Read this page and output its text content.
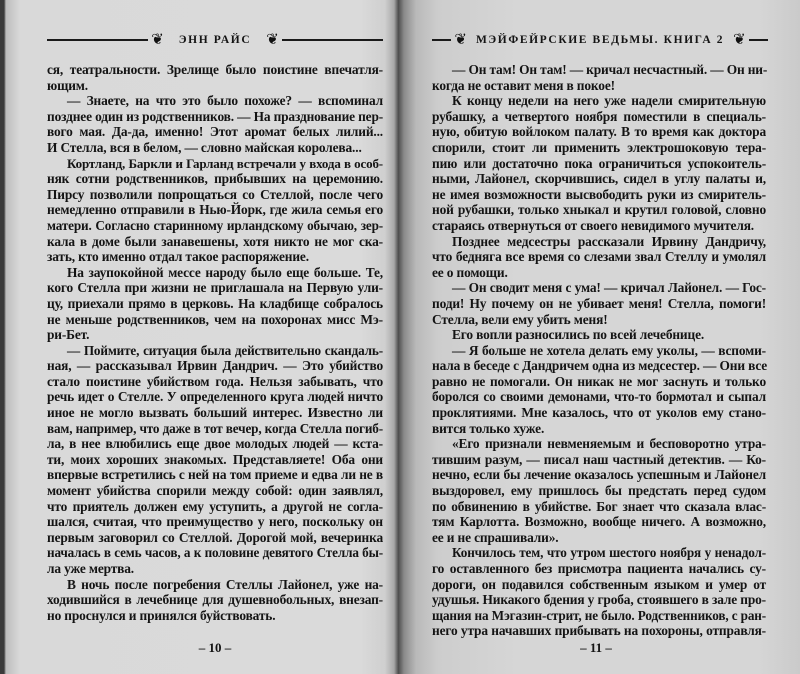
❦ ЭНН РАЙС ❦
ся, театральности. Зрелище было поистине впечатля-
ющим.
— Знаете, на что это было похоже? — вспоминал
позднее один из родственников. — На празднование пер-
вого мая. Да-да, именно! Этот аромат белых лилий...
И Стелла, вся в белом, — словно майская королева...
Кортланд, Баркли и Гарланд встречали у входа в особ-
няк сотни родственников, прибывших на церемонию.
Пирсу позволили попрощаться со Стеллой, после чего
немедленно отправили в Нью-Йорк, где жила семья его
матери. Согласно старинному ирландскому обычаю, зер-
кала в доме были занавешены, хотя никто не мог ска-
зать, кто именно отдал такое распоряжение.
На заупокойной мессе народу было еще больше. Те,
кого Стелла при жизни не приглашала на Первую ули-
цу, приехали прямо в церковь. На кладбище собралось
не меньше родственников, чем на похоронах мисс Мэ-
ри-Бет.
— Поймите, ситуация была действительно скандаль-
ная, — рассказывал Ирвин Дандрич. — Это убийство
стало поистине убийством года. Нельзя забывать, что
речь идет о Стелле. У определенного круга людей ничто
иное не могло вызвать больший интерес. Известно ли
вам, например, что даже в тот вечер, когда Стелла погиб-
ла, в нее влюбились еще двое молодых людей — кста-
ти, моих хороших знакомых. Представляете! Оба они
впервые встретились с ней на том приеме и едва ли не в
момент убийства спорили между собой: один заявлял,
что приятель должен ему уступить, а другой не согла-
шался, считая, что преимущество у него, поскольку он
первым заговорил со Стеллой. Дорогой мой, вечеринка
началась в семь часов, а к половине девятого Стелла бы-
ла уже мертва.
В ночь после погребения Стеллы Лайонел, уже на-
ходившийся в лечебнице для душевнобольных, внезап-
но проснулся и принялся буйствовать.
– 10 –
❦ МЭЙФЕЙРСКИЕ ВЕДЬМЫ. КНИГА 2 ❦
— Он там! Он там! — кричал несчастный. — Он ни-
когда не оставит меня в покое!
К концу недели на него уже надели смирительную
рубашку, а четвертого ноября поместили в специаль-
ную, обитую войлоком палату. В то время как доктора
спорили, стоит ли применить электрошоковую тера-
пию или достаточно пока ограничиться успокоитель-
ными, Лайонел, скорчившись, сидел в углу палаты и,
не имея возможности высвободить руки из смиритель-
ной рубашки, только хныкал и крутил головой, словно
стараясь отвернуться от своего невидимого мучителя.
Позднее медсестры рассказали Ирвину Дандричу,
что бедняга все время со слезами звал Стеллу и умолял
ее о помощи.
— Он сводит меня с ума! — кричал Лайонел. — Гос-
поди! Ну почему он не убивает меня! Стелла, помоги!
Стелла, вели ему убить меня!
Его вопли разносились по всей лечебнице.
— Я больше не хотела делать ему уколы, — вспоми-
нала в беседе с Дандричем одна из медсестер. — Они все
равно не помогали. Он никак не мог заснуть и только
боролся со своими демонами, что-то бормотал и сыпал
проклятиями. Мне казалось, что от уколов ему стано-
вится только хуже.
«Его признали невменяемым и бесповоротно утра-
тившим разум, — писал наш частный детектив. — Ко-
нечно, если бы лечение оказалось успешным и Лайонел
выздоровел, ему пришлось бы предстать перед судом
по обвинению в убийстве. Бог знает что сказала влас-
тям Карлотта. Возможно, вообще ничего. А возможно,
ее и не спрашивали».
Кончилось тем, что утром шестого ноября у ненадол-
го оставленного без присмотра пациента начались су-
дороги, он подавился собственным языком и умер от
удушья. Никакого бдения у гроба, стоявшего в зале про-
щания на Мэгазин-стрит, не было. Родственников, с ран-
него утра начавших прибывать на похороны, отправля-
– 11 –
